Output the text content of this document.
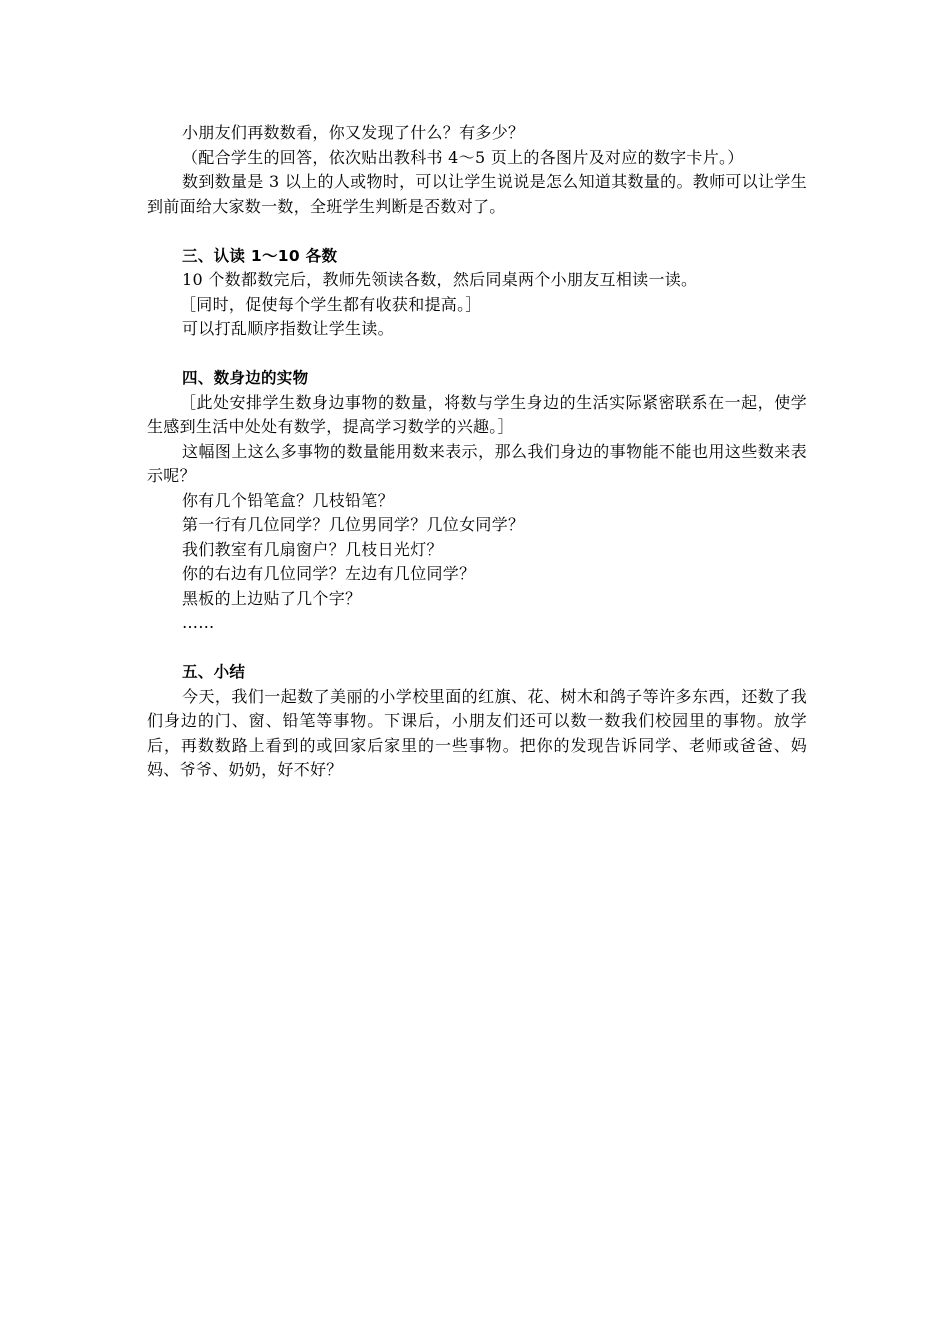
小朋友们再数数看，你又发现了什么？有多少？

（配合学生的回答，依次贴出教科书 4～5 页上的各图片及对应的数字卡片。）

数到数量是 3 以上的人或物时，可以让学生说说是怎么知道其数量的。教师可以让学生到前面给大家数一数，全班学生判断是否数对了。

三、认读 1～10 各数

10 个数都数完后，教师先领读各数，然后同桌两个小朋友互相读一读。

［同时，促使每个学生都有收获和提高。］

可以打乱顺序指数让学生读。

四、数身边的实物

［此处安排学生数身边事物的数量，将数与学生身边的生活实际紧密联系在一起，使学生感到生活中处处有数学，提高学习数学的兴趣。］

这幅图上这么多事物的数量能用数来表示，那么我们身边的事物能不能也用这些数来表示呢？

你有几个铅笔盒？几枝铅笔？

第一行有几位同学？几位男同学？几位女同学？

我们教室有几扇窗户？几枝日光灯？

你的右边有几位同学？左边有几位同学？

黑板的上边贴了几个字？

……

五、小结

今天，我们一起数了美丽的小学校里面的红旗、花、树木和鸽子等许多东西，还数了我们身边的门、窗、铅笔等事物。下课后，小朋友们还可以数一数我们校园里的事物。放学后，再数数路上看到的或回家后家里的一些事物。把你的发现告诉同学、老师或爸爸、妈妈、爷爷、奶奶，好不好？
